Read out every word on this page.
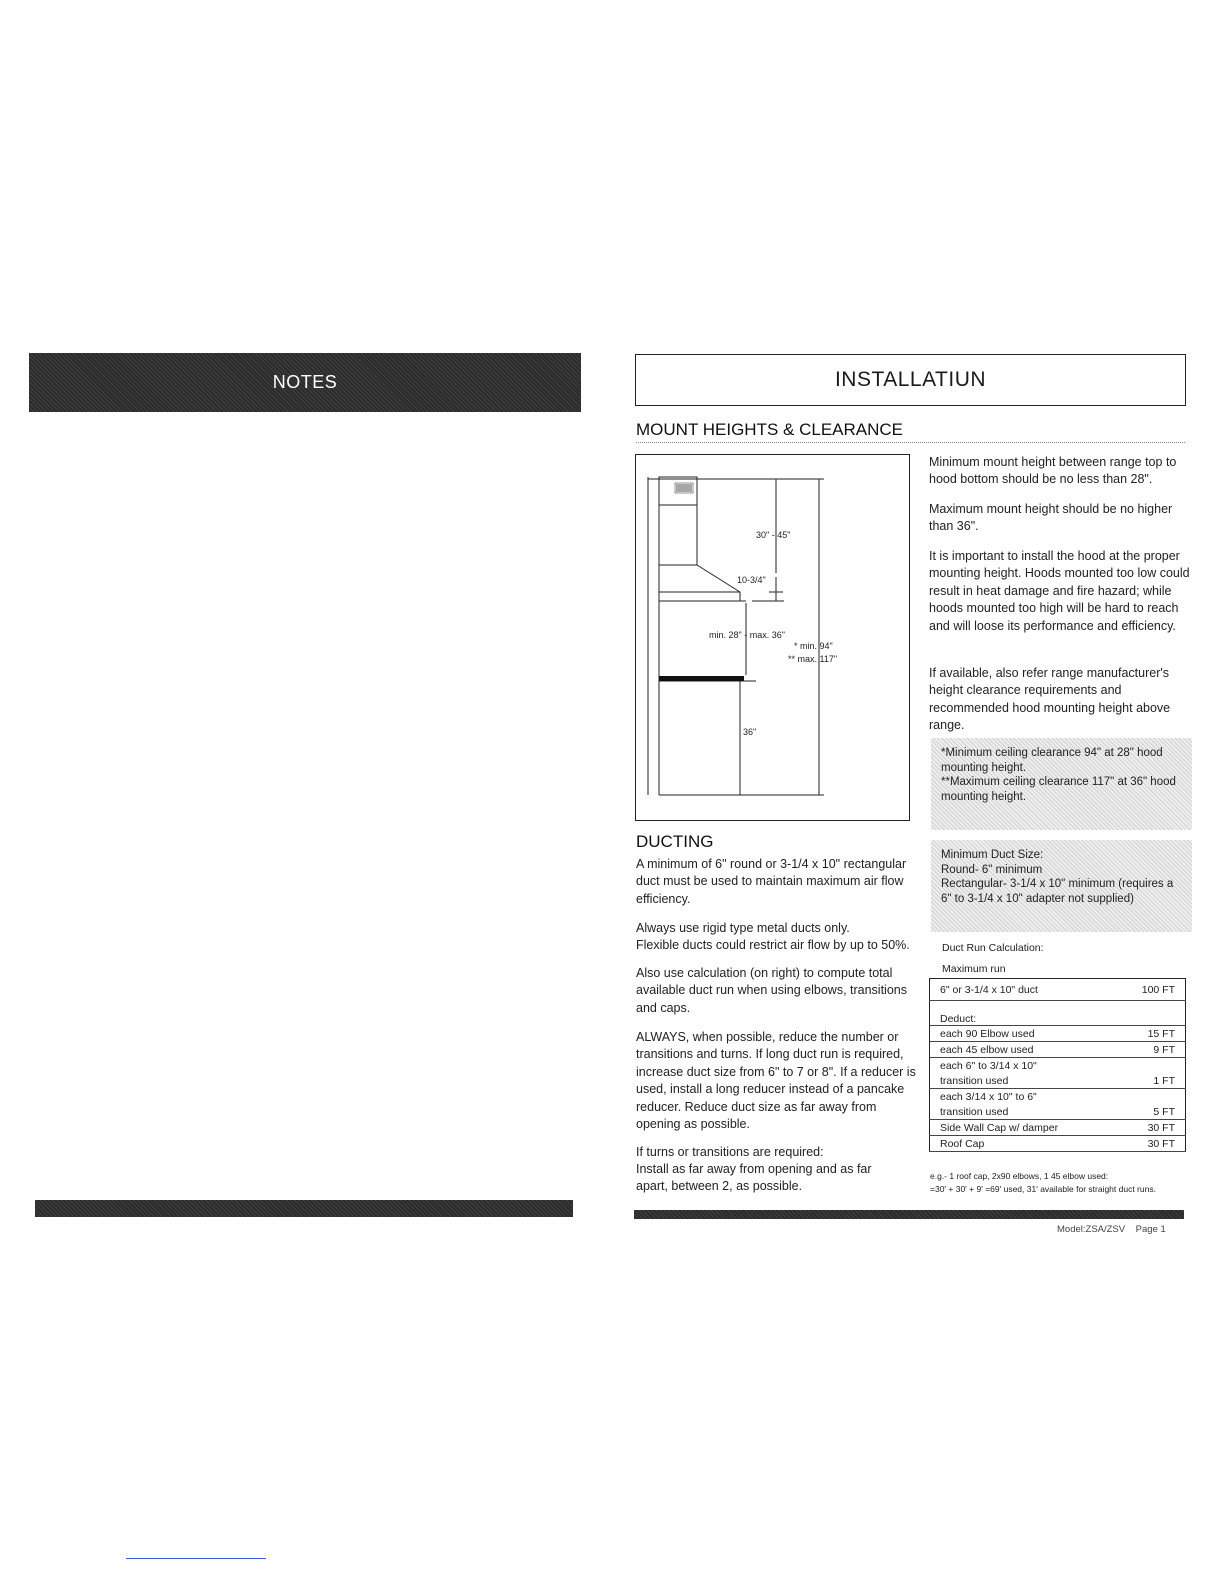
NOTES	INSTALLATIUN
MOUNT HEIGHTS & CLEARANCE
30" - 45"
10-3/4"
min. 28" - max. 36"
* min. 94"
** max. 117"
36"
Minimum mount height between range top to hood bottom should be no less than 28".
Maximum mount height should be no higher than 36".
It is important to install the hood at the proper mounting height. Hoods mounted too low could result in heat damage and fire hazard; while hoods mounted too high will be hard to reach and will loose its performance and efficiency.
If available, also refer range manufacturer's height clearance requirements and recommended hood mounting height above range.
*Minimum ceiling clearance 94" at 28" hood mounting height.
**Maximum ceiling clearance 117" at 36" hood mounting height.
DUCTING
A minimum of 6" round or 3-1/4 x 10" rectangular duct must be used to maintain maximum air flow efficiency.
Always use rigid type metal ducts only.
Flexible ducts could restrict air flow by up to 50%.
Also use calculation (on right) to compute total available duct run when using elbows, transitions and caps.
ALWAYS, when possible, reduce the number or transitions and turns. If long duct run is required, increase duct size from 6" to 7 or 8". If a reducer is used, install a long reducer instead of a pancake reducer. Reduce duct size as far away from opening as possible.
If turns or transitions are required:
Install as far away from opening and as far apart, between 2, as possible.
Minimum Duct Size:
Round- 6" minimum
Rectangular- 3-1/4 x 10" minimum (requires a 6" to 3-1/4 x 10" adapter not supplied)
Duct Run Calculation:
Maximum run
6" or 3-1/4 x 10" duct	100 FT
Deduct:	
each 90 Elbow used	15 FT
each 45 elbow used	9 FT
each 6" to 3/14 x 10"	
transition used	1 FT
each 3/14 x 10" to 6"	
transition used	5 FT
Side Wall Cap w/ damper	30 FT
Roof Cap	30 FT
e.g.- 1 roof cap, 2x90 elbows, 1 45 elbow used:
=30' + 30' + 9' =69' used, 31' available for straight duct runs.
Model:ZSA/ZSV    Page 1
